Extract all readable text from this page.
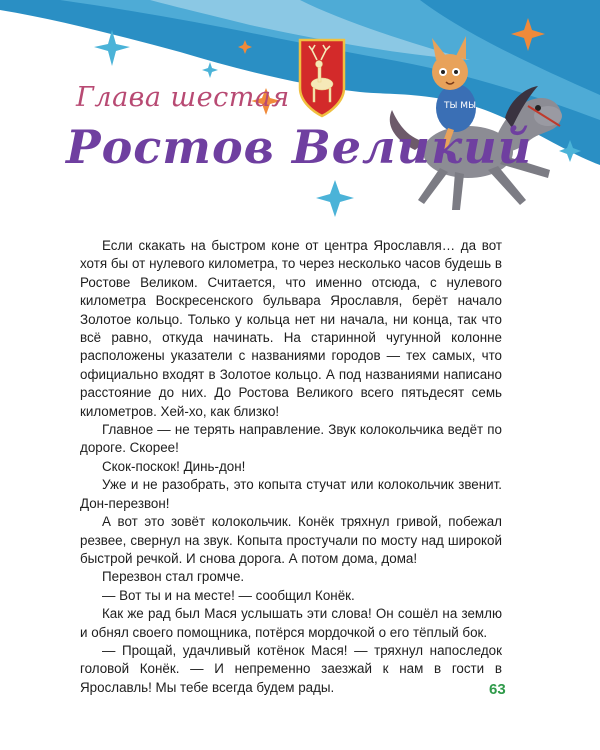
ТЫ МЫ
Глава шестая
Ростов Великий

Если скакать на быстром коне от центра Ярославля… да вот хотя бы от нулевого километра, то через несколько часов будешь в Ростове Великом. Считается, что именно отсюда, с нулевого километра Воскресенского бульвара Ярославля, берёт начало Золотое кольцо. Только у кольца нет ни начала, ни конца, так что всё равно, откуда начинать. На старинной чугунной колонне расположены указатели с названиями городов — тех самых, что официально входят в Золотое кольцо. А под названиями написано расстояние до них. До Ростова Великого всего пятьдесят семь километров. Хей-хо, как близко!

Главное — не терять направление. Звук колокольчика ведёт по дороге. Скорее!

Скок-поскок! Динь-дон!

Уже и не разобрать, это копыта стучат или колокольчик звенит. Дон-перезвон!

А вот это зовёт колокольчик. Конёк тряхнул гривой, побежал резвее, свернул на звук. Копыта простучали по мосту над широкой быстрой речкой. И снова дорога. А потом дома, дома!

Перезвон стал громче.

— Вот ты и на месте! — сообщил Конёк.

Как же рад был Мася услышать эти слова! Он сошёл на землю и обнял своего помощника, потёрся мордочкой о его тёплый бок.

— Прощай, удачливый котёнок Мася! — тряхнул напоследок головой Конёк. — И непременно заезжай к нам в гости в Ярославль! Мы тебе всегда будем рады.	63
